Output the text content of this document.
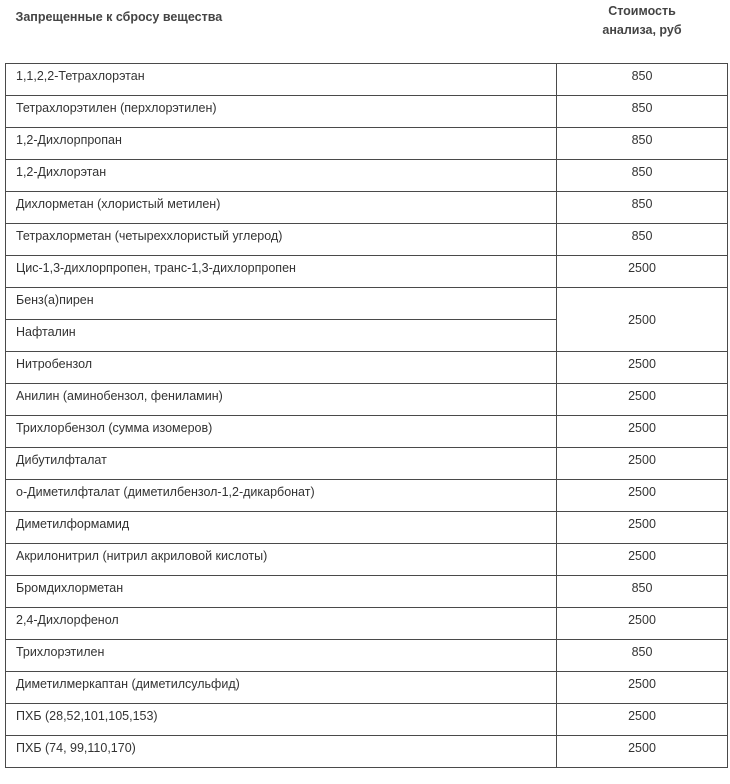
Запрещенные к сбросу вещества	Стоимость
анализа, руб
1,1,2,2-Тетрахлорэтан	850
Тетрахлорэтилен (перхлорэтилен)	850
1,2-Дихлорпропан	850
1,2-Дихлорэтан	850
Дихлорметан (хлористый метилен)	850
Тетрахлорметан (четыреххлористый углерод)	850
Цис-1,3-дихлорпропен, транс-1,3-дихлорпропен	2500
Бенз(а)пирен	2500
Нафталин	
Нитробензол	2500
Анилин (аминобензол, фениламин)	2500
Трихлорбензол (сумма изомеров)	2500
Дибутилфталат	2500
о-Диметилфталат (диметилбензол-1,2-дикарбонат)	2500
Диметилформамид	2500
Акрилонитрил (нитрил акриловой кислоты)	2500
Бромдихлорметан	850
2,4-Дихлорфенол	2500
Трихлорэтилен	850
Диметилмеркаптан (диметилсульфид)	2500
ПХБ (28,52,101,105,153)	2500
ПХБ (74, 99,110,170)	2500
